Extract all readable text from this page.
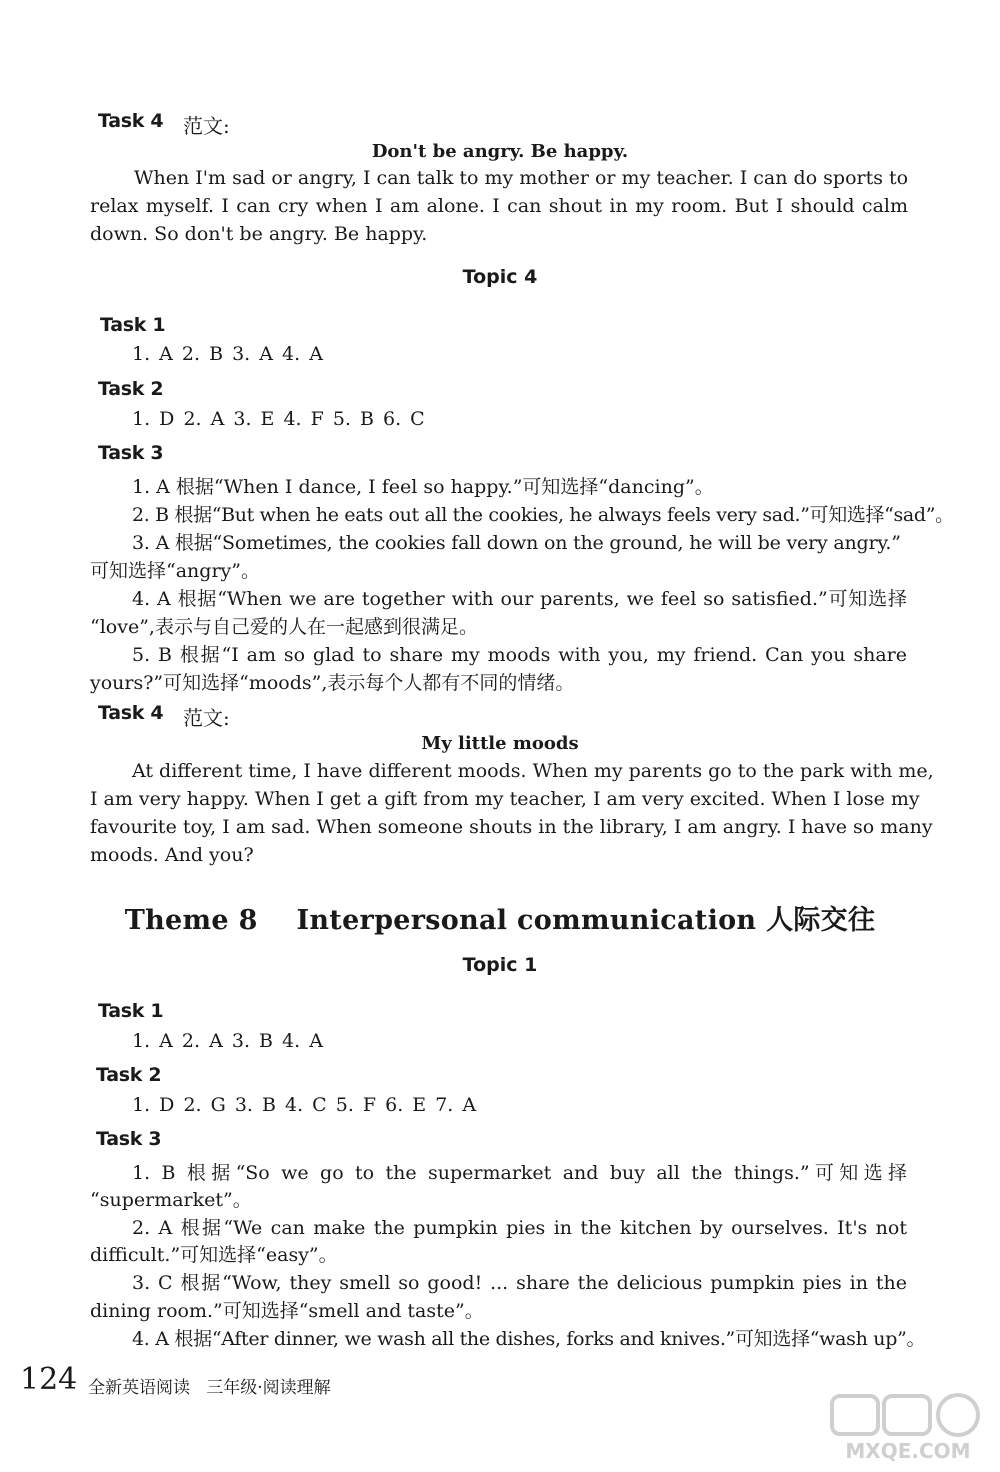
Task 4 范文:
Don't be angry. Be happy.
When I'm sad or angry, I can talk to my mother or my teacher. I can do sports to
relax myself. I can cry when I am alone. I can shout in my room. But I should calm
down. So don't be angry. Be happy.
Topic 4
Task 1
1. A 2. B 3. A 4. A
Task 2
1. D 2. A 3. E 4. F 5. B 6. C
Task 3
1. A 根据“When I dance, I feel so happy.”可知选择“dancing”。
2. B 根据“But when he eats out all the cookies, he always feels very sad.”可知选择“sad”。
3. A 根据“Sometimes, the cookies fall down on the ground, he will be very angry.”
可知选择“angry”。
4. A 根据“When we are together with our parents, we feel so satisfied.”可知选择
“love”,表示与自己爱的人在一起感到很满足。
5. B 根据“I am so glad to share my moods with you, my friend. Can you share
yours?”可知选择“moods”,表示每个人都有不同的情绪。
Task 4 范文:
My little moods
At different time, I have different moods. When my parents go to the park with me,
I am very happy. When I get a gift from my teacher, I am very excited. When I lose my
favourite toy, I am sad. When someone shouts in the library, I am angry. I have so many
moods. And you?
Theme 8    Interpersonal communication 人际交往
Topic 1
Task 1
1. A 2. A 3. B 4. A
Task 2
1. D 2. G 3. B 4. C 5. F 6. E 7. A
Task 3
1. B 根据“So we go to the supermarket and buy all the things.”可知选择
“supermarket”。
2. A 根据“We can make the pumpkin pies in the kitchen by ourselves. It's not
difficult.”可知选择“easy”。
3. C 根据“Wow, they smell so good! ... share the delicious pumpkin pies in the
dining room.”可知选择“smell and taste”。
4. A 根据“After dinner, we wash all the dishes, forks and knives.”可知选择“wash up”。
124 全新英语阅读   三年级·阅读理解
MXQE.COM
